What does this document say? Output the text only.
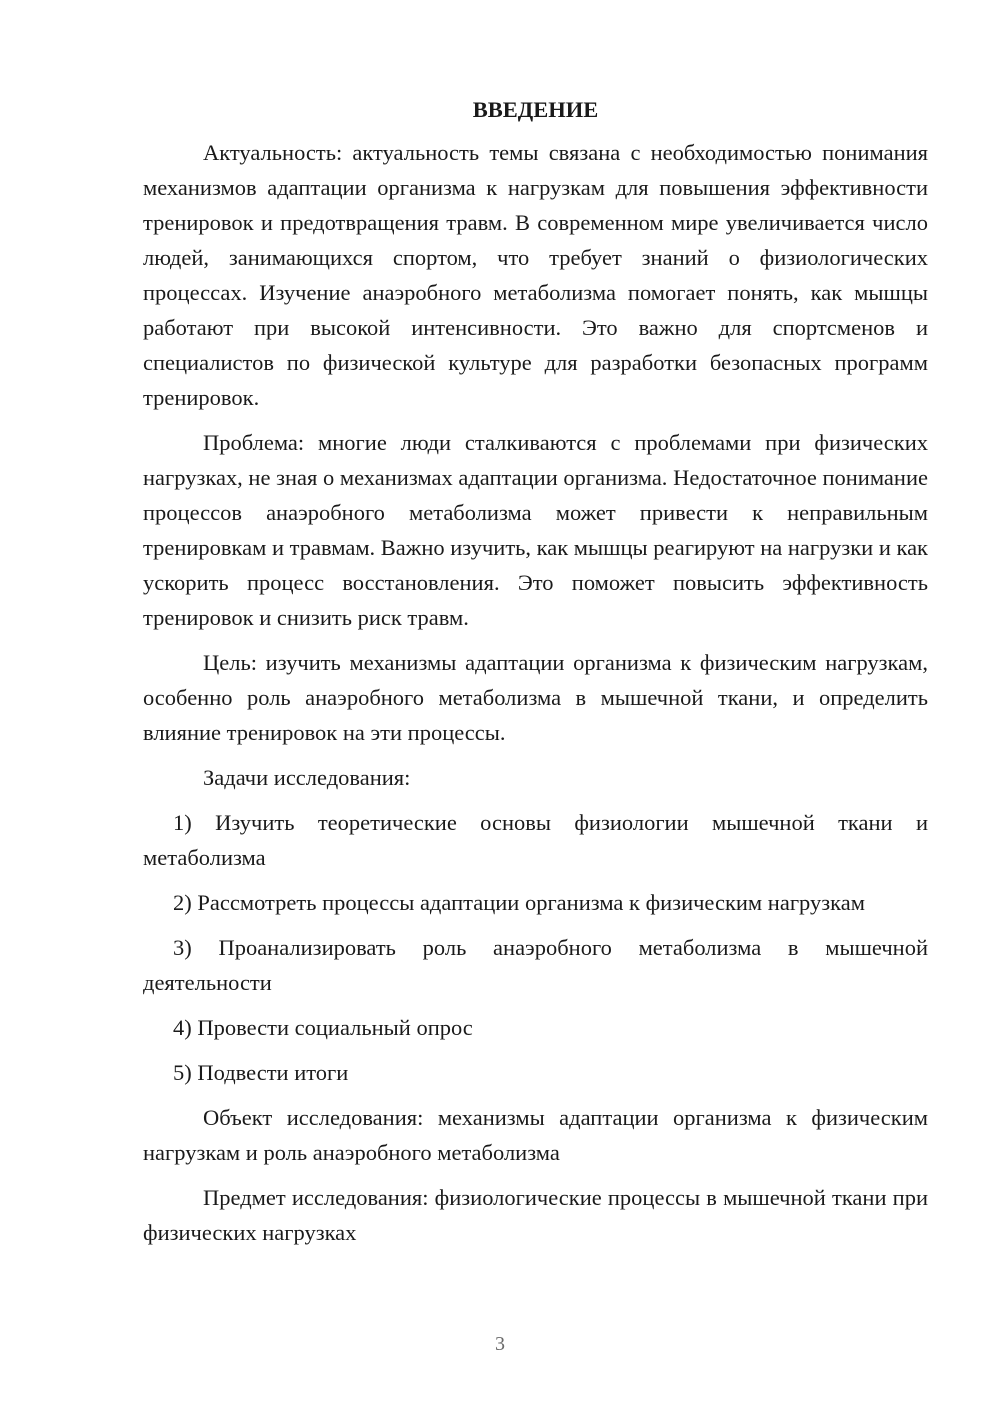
ВВЕДЕНИЕ

Актуальность: актуальность темы связана с необходимостью понимания механизмов адаптации организма к нагрузкам для повышения эффективности тренировок и предотвращения травм. В современном мире увеличивается число людей, занимающихся спортом, что требует знаний о физиологических процессах. Изучение анаэробного метаболизма помогает понять, как мышцы работают при высокой интенсивности. Это важно для спортсменов и специалистов по физической культуре для разработки безопасных программ тренировок.

Проблема: многие люди сталкиваются с проблемами при физических нагрузках, не зная о механизмах адаптации организма. Недостаточное понимание процессов анаэробного метаболизма может привести к неправильным тренировкам и травмам. Важно изучить, как мышцы реагируют на нагрузки и как ускорить процесс восстановления. Это поможет повысить эффективность тренировок и снизить риск травм.

Цель: изучить механизмы адаптации организма к физическим нагрузкам, особенно роль анаэробного метаболизма в мышечной ткани, и определить влияние тренировок на эти процессы.

Задачи исследования:

1) Изучить теоретические основы физиологии мышечной ткани и метаболизма

2) Рассмотреть процессы адаптации организма к физическим нагрузкам

3) Проанализировать роль анаэробного метаболизма в мышечной деятельности

4) Провести социальный опрос

5) Подвести итоги

Объект исследования: механизмы адаптации организма к физическим нагрузкам и роль анаэробного метаболизма

Предмет исследования: физиологические процессы в мышечной ткани при физических нагрузках

3
